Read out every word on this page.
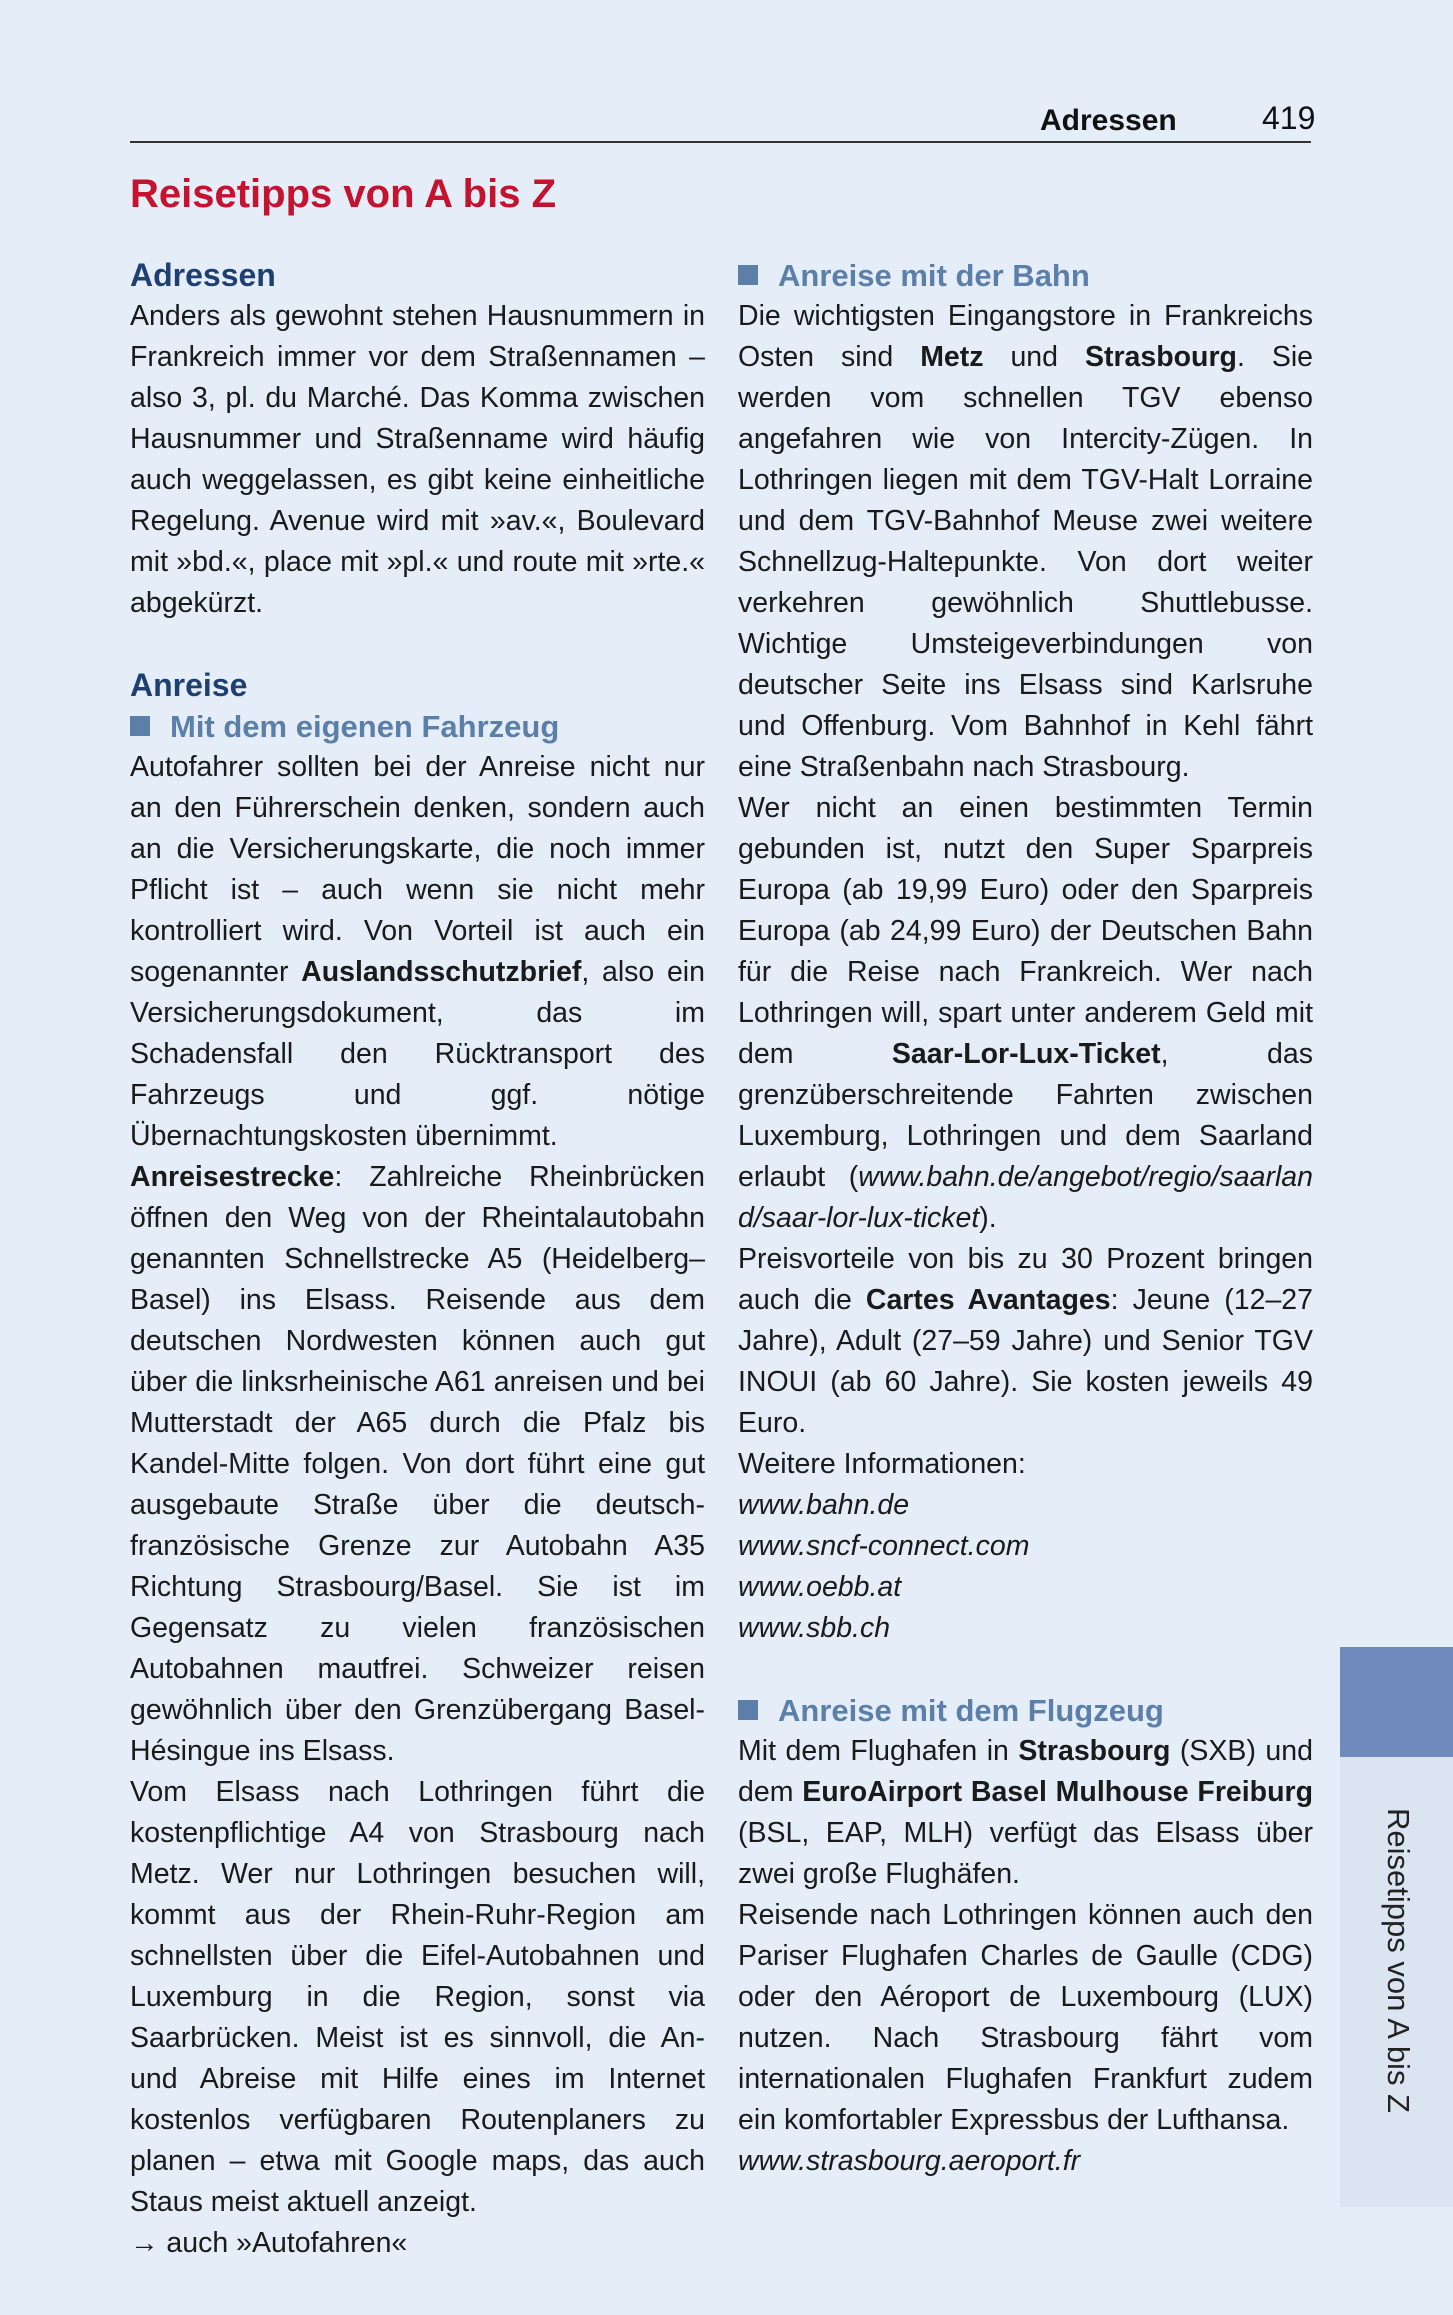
Adressen	419
Reisetipps von A bis Z
Adressen

Anders als gewohnt stehen Hausnummern in Frankreich immer vor dem Straßennamen – also 3, pl. du Marché. Das Komma zwischen Hausnummer und Straßenname wird häufig auch weggelassen, es gibt keine einheitliche Regelung. Avenue wird mit »av.«, Boulevard mit »bd.«, place mit »pl.« und route mit »rte.« abgekürzt.

Anreise
Mit dem eigenen Fahrzeug

Autofahrer sollten bei der Anreise nicht nur an den Führerschein denken, sondern auch an die Versicherungskarte, die noch immer Pflicht ist – auch wenn sie nicht mehr kontrolliert wird. Von Vorteil ist auch ein sogenannter Auslandsschutzbrief, also ein Versicherungsdokument, das im Schadensfall den Rücktransport des Fahrzeugs und ggf. nötige Übernachtungskosten übernimmt.

Anreisestrecke: Zahlreiche Rheinbrücken öffnen den Weg von der Rheintalautobahn genannten Schnellstrecke A5 (Heidelberg–Basel) ins Elsass. Reisende aus dem deutschen Nordwesten können auch gut über die linksrheinische A61 anreisen und bei Mutterstadt der A65 durch die Pfalz bis Kandel-Mitte folgen. Von dort führt eine gut ausgebaute Straße über die deutsch-französische Grenze zur Autobahn A35 Richtung Strasbourg/Basel. Sie ist im Gegensatz zu vielen französischen Autobahnen mautfrei. Schweizer reisen gewöhnlich über den Grenzübergang Basel-Hésingue ins Elsass.

Vom Elsass nach Lothringen führt die kostenpflichtige A4 von Strasbourg nach Metz. Wer nur Lothringen besuchen will, kommt aus der Rhein-Ruhr-Region am schnellsten über die Eifel-Autobahnen und Luxemburg in die Region, sonst via Saarbrücken. Meist ist es sinnvoll, die An- und Abreise mit Hilfe eines im Internet kostenlos verfügbaren Routenplaners zu planen – etwa mit Google maps, das auch Staus meist aktuell anzeigt.

→ auch »Autofahren«

Anreise mit der Bahn

Die wichtigsten Eingangstore in Frankreichs Osten sind Metz und Strasbourg. Sie werden vom schnellen TGV ebenso angefahren wie von Intercity-Zügen. In Lothringen liegen mit dem TGV-Halt Lorraine und dem TGV-Bahnhof Meuse zwei weitere Schnellzug-Haltepunkte. Von dort weiter verkehren gewöhnlich Shuttlebusse. Wichtige Umsteigeverbindungen von deutscher Seite ins Elsass sind Karlsruhe und Offenburg. Vom Bahnhof in Kehl fährt eine Straßenbahn nach Strasbourg.

Wer nicht an einen bestimmten Termin gebunden ist, nutzt den Super Sparpreis Europa (ab 19,99 Euro) oder den Sparpreis Europa (ab 24,99 Euro) der Deutschen Bahn für die Reise nach Frankreich. Wer nach Lothringen will, spart unter anderem Geld mit dem Saar-Lor-Lux-Ticket, das grenzüberschreitende Fahrten zwischen Luxemburg, Lothringen und dem Saarland erlaubt (www.bahn.de/angebot/regio/saarland/saar-lor-lux-ticket).

Preisvorteile von bis zu 30 Prozent bringen auch die Cartes Avantages: Jeune (12–27 Jahre), Adult (27–59 Jahre) und Senior TGV INOUI (ab 60 Jahre). Sie kosten jeweils 49 Euro.

Weitere Informationen:

www.bahn.de
www.sncf-connect.com
www.oebb.at
www.sbb.ch
Anreise mit dem Flugzeug

Mit dem Flughafen in Strasbourg (SXB) und dem EuroAirport Basel Mulhouse Freiburg (BSL, EAP, MLH) verfügt das Elsass über zwei große Flughäfen.

Reisende nach Lothringen können auch den Pariser Flughafen Charles de Gaulle (CDG) oder den Aéroport de Luxembourg (LUX) nutzen. Nach Strasbourg fährt vom internationalen Flughafen Frankfurt zudem ein komfortabler Expressbus der Lufthansa.

www.strasbourg.aeroport.fr
Reisetipps von A bis Z
